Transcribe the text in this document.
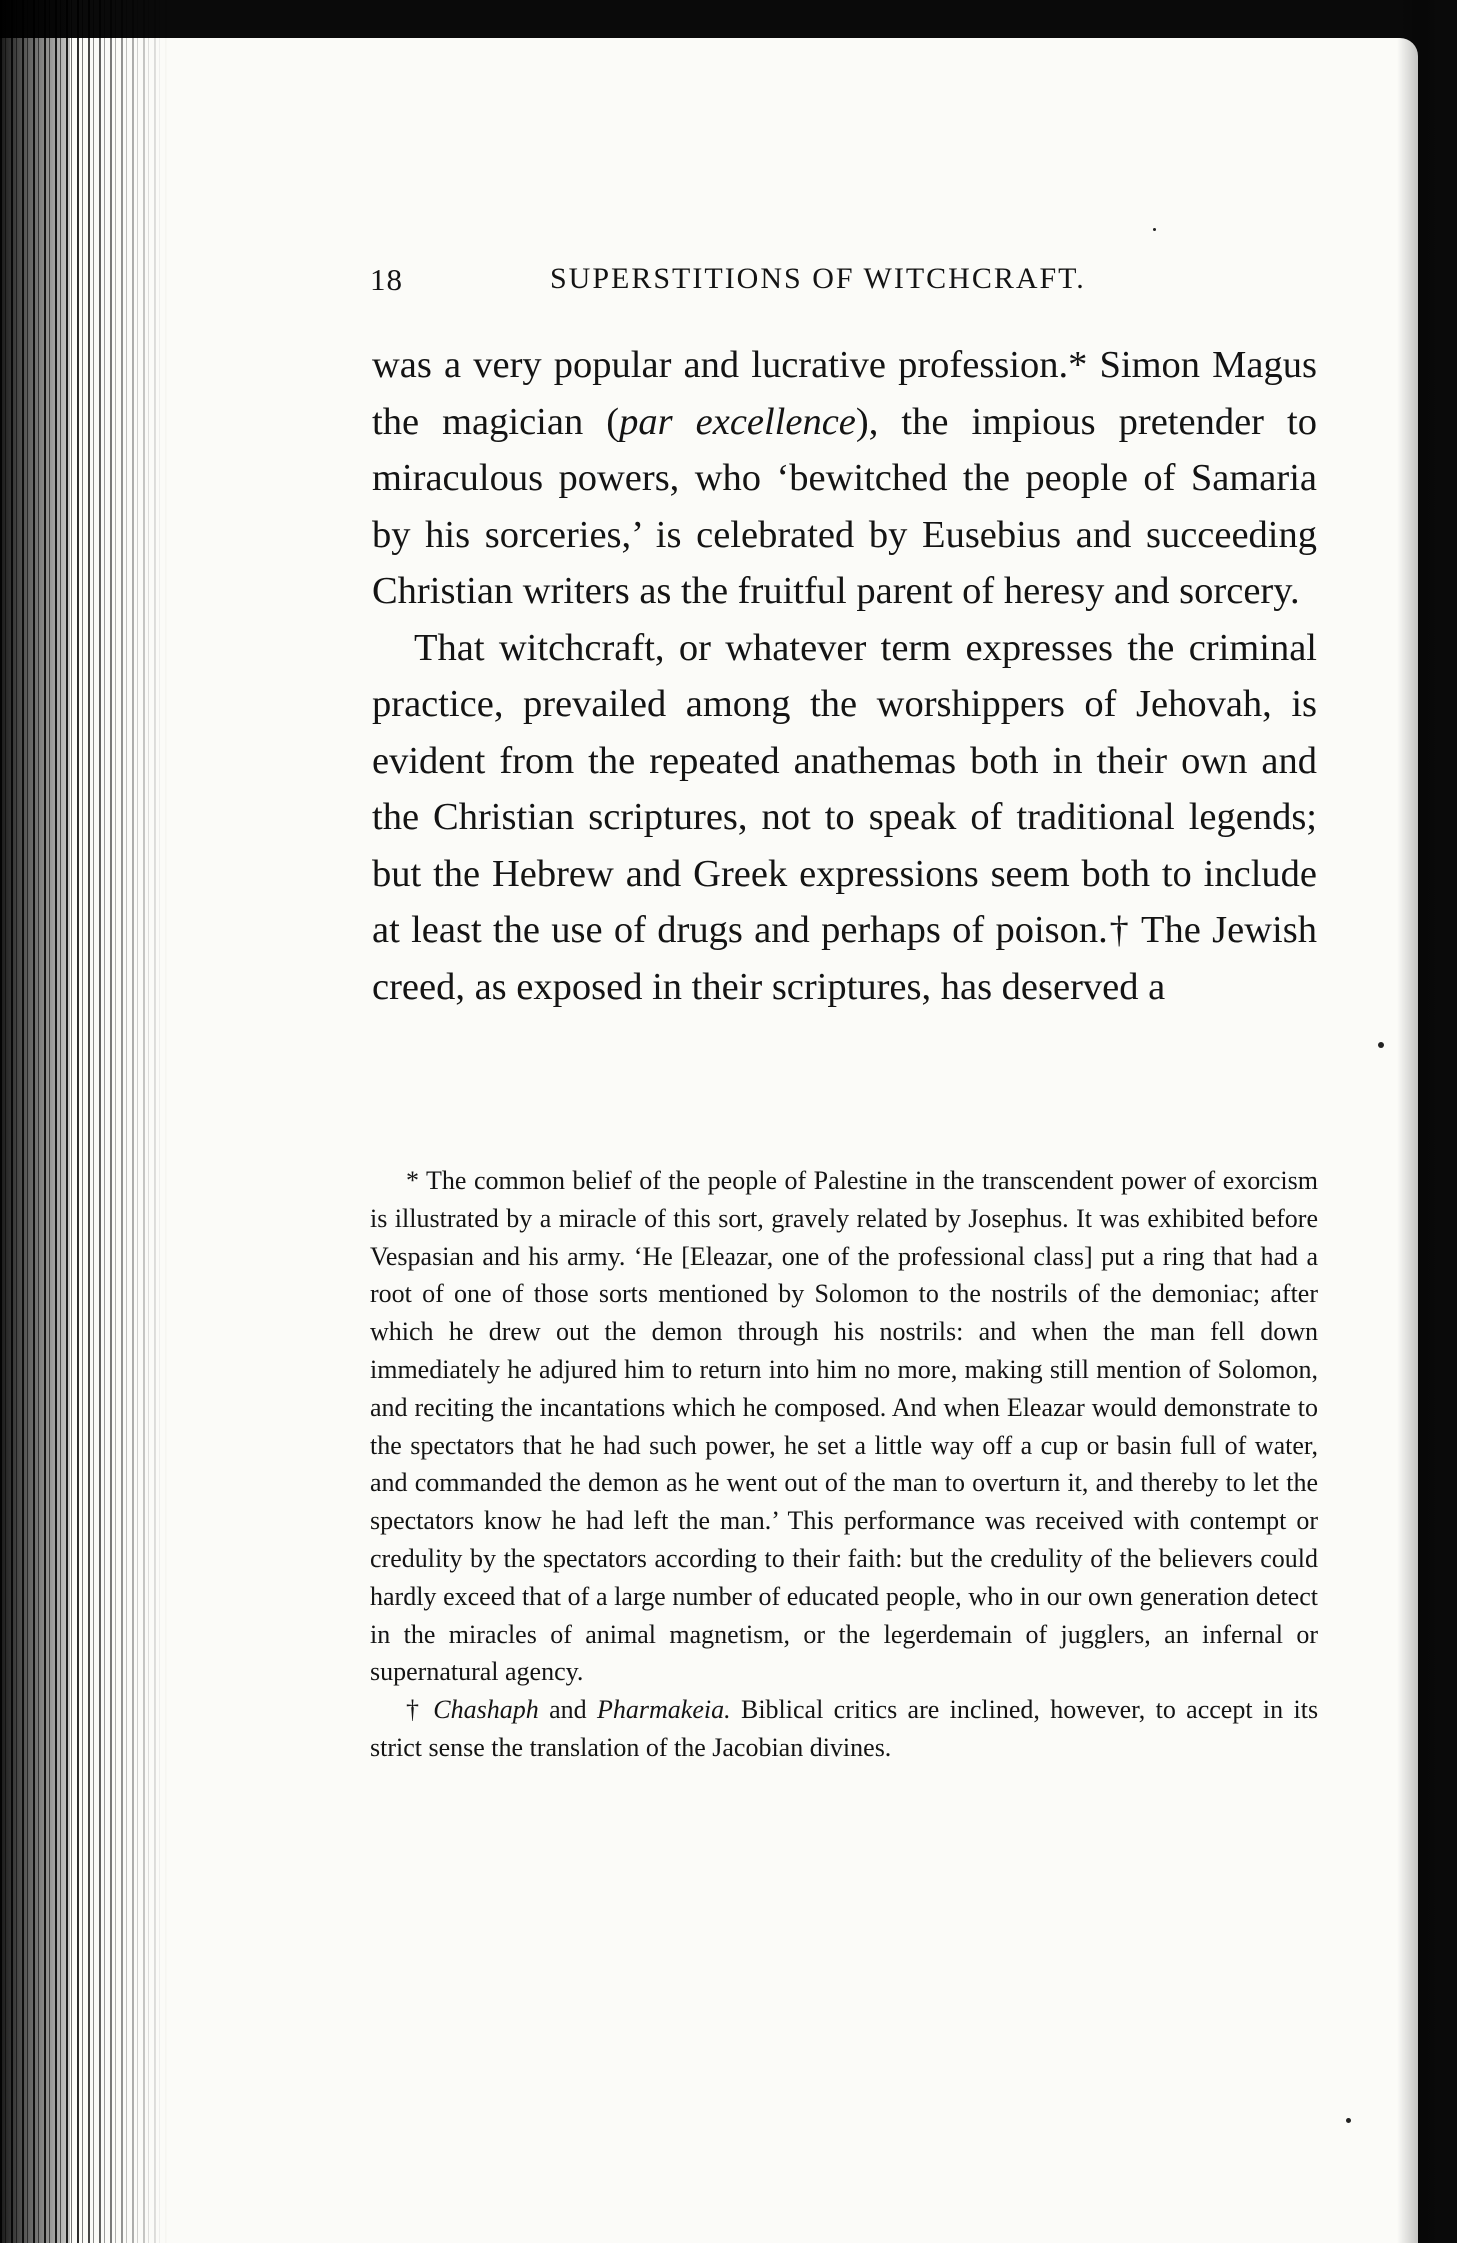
18	SUPERSTITIONS OF WITCHCRAFT.

was a very popular and lucrative profession.* Simon Magus the magician (par excellence), the impious pretender to miraculous powers, who ‘bewitched the people of Samaria by his sorceries,’ is celebrated by Eusebius and succeeding Christian writers as the fruitful parent of heresy and sorcery.

That witchcraft, or whatever term expresses the criminal practice, prevailed among the worshippers of Jehovah, is evident from the repeated anathemas both in their own and the Christian scriptures, not to speak of traditional legends; but the Hebrew and Greek expressions seem both to include at least the use of drugs and perhaps of poison.† The Jewish creed, as exposed in their scriptures, has deserved a

* The common belief of the people of Palestine in the transcendent power of exorcism is illustrated by a miracle of this sort, gravely related by Josephus. It was exhibited before Vespasian and his army. ‘He [Eleazar, one of the professional class] put a ring that had a root of one of those sorts mentioned by Solomon to the nostrils of the demoniac; after which he drew out the demon through his nostrils: and when the man fell down immediately he adjured him to return into him no more, making still mention of Solomon, and reciting the incantations which he composed. And when Eleazar would demonstrate to the spectators that he had such power, he set a little way off a cup or basin full of water, and commanded the demon as he went out of the man to overturn it, and thereby to let the spectators know he had left the man.’ This performance was received with contempt or credulity by the spectators according to their faith: but the credulity of the believers could hardly exceed that of a large number of educated people, who in our own generation detect in the miracles of animal magnetism, or the legerdemain of jugglers, an infernal or supernatural agency.

† Chashaph and Pharmakeia. Biblical critics are inclined, however, to accept in its strict sense the translation of the Jacobian divines.
